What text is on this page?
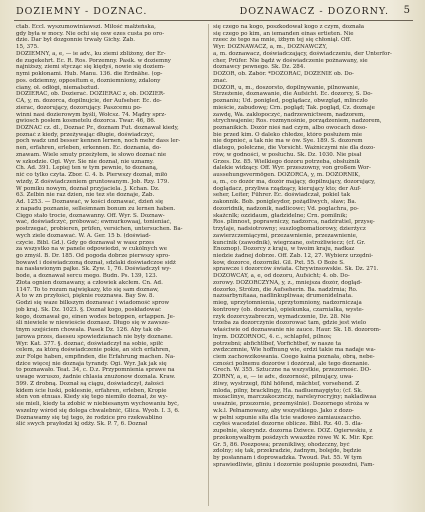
DOZIEMNY - DOZNAC.	DOZNAWACZ - DOZORNY. 5
ctab. Eccl. wyszumowiniawszi. Miłość małżeńska,
gdy była w mocy. Nie ochi się osw ezes custa po oro-
dzie. Dar był dozgonnie trwały Gichy. Zab.
15, 375.
DOZIEMNY, a, e, — ie adv., ku ziemi zbliżony, der Er-
de zugekehrt. Ec. R. Ros. Porzemny. Pasik. w doziemny
najniższy, ziemi stycząc się kiędyś, nowie się doziem-
nymi pokłonami. Hub. Manu. 136. die Erdnähe. (op-
pos. odziemny, oppositum e, dozniemniony, zdalony
ciany, oł. odłógi, niemalsztud.
DOZIERAC, ob. Dozierać. DOZIERAĆ z, ob. DOZIER-
CA, y, m. dozorca, dopilnujcie, der Aufseher. Ec. do-
zierac, dozorujący, dozorujący. Paszcemu po-
winni nasi dozierowym byśli, Wołcsz. 74. Mądry sprz-
gwiosch posłem kosmetelu dozorca. Twar. 46, 86.
DOZNAĆ cz. dl., Doznać Pr., doznam Fut. doznawał kiedy,
poznać z kiedy, przeżywając długie, doświadczyć,
poch wadz und besser kennen lernen, noch mehr dass ler-
nen, erfahren, erleben, erkennen. Ec. doznania, do-
znawam. Wiele smuty przeżyłem, ie słowo doznać nie
w szkodzie. Ogi. Wyr. Sie nie doznał, nie uznamy.
Ch. Ad. 391. Lepiej ten w tym pewnie, to doznaną,
nić co tylko czyta. Zbor. C. 4. b. Pierwszy doznał, miłó
wizdy, Z doświadczeniem gruntowanym. Job. Rzy. 179.
W pomiku nowym, doznał przyjaciela. J. Kchan. Dz.
63. Zelbin nie raz dzien, nie tez ste doznaje, Zab.
Ad. 1253. — Doznawać, w kości doznawać, dzień się
z napadu poznanie, selleśmnam bonum zu lernen haben.
Cięgo stało trocie, doznawanny. Off. Wyr. Ś. Doznaw-
wać, doświadczyć, próbować; ewmurkowaaj, tonieniać,
postrzegać, probieren, prüfen, versichen, untersuchen. Ba-
wych ziele doznawać. W. A. Ger. 15 b. (doświad-
czycie. Bibl. Gd.). Gdy go doznawał w wasz przes
za wszystko na w panele odpowiedzi, w cukólnych we
go zmyśl. B. Dr. 185. Od pogoda dobrze pierwszy spro-
bowawl i doświadczoną doznał, sdzlaki doświadczoe sidź
na nasławionym pajke. Sk. Zyw. 1, 76. Doświadczył wy-
bode, a doznawał sercu mego. Budn. Ps. 139, 123.
Złota ognien doznawany, a człowiek akcłem. Cn. Ad.
1147. To to rozum najwiękazy, kto się sam doznaw,
A to w zn przyłości, pięknie rozznawa. Bay Św. 8.
Godzi się waze bilkszym doznawać i wiadomość sprow
job kraj. Sk. Dz. 1023. §. Doznał kogo, poskładować
kogo, doznawał go, einen wodes betoppen, ertappen. Je-
śli niewiele w niewieście doznasz. Długo się w zawsze-
tnym szejściem chowała. Pasek Dz. 126. Aby tak ob-
jarowa przes, daeseu spowiedzianach nie były doznane.
Wyr. Kat. 377. §. doznać, doświadczył na sobie, spiłć
celem, za którą doświadczenie pokie, an sich erfahren,
zur Folge haben, empfinden, die Erfahrung machen. Na-
dzice więcej nie doznaja tyrandy. Ogi. Wyr. Jak jak się
to poznawało. Teat. 34, c. D.z. Przypomnienia sprawe na
uwage wzruszo, żadnie chlasia znużonow doznala. Kraw.
599. Z drobną. Doznał są ciągu, doświadczył, żałości
kidem ście łuski, poklesnie, erfahren, erleben, Kropie
sten von etnuas. Kiedy się tego niemiło doznał, że wy-
sie mieli, kiedy ta zdobić w niebiesanym wychowaniu być,
wszelny wśród się dolega chwalebnić, Glica. Wyob. I. 3, 6.
Doznawamy się tej tego, że rodzice pro rzekwablino
ślić swych prayłodzi kj odży. Sk. P. 7, 6. Doznał
się czego na kogo, poszkodował kogo z czym, doznała
się czego po kim, an iemanden einas ertieten. Nie
rzeec że tego na mnie, iżbym tej się chłoniął. Off.
Wyr. DOZNAWACZ, a, m., DOZNAWCZY,
a, m. doznawacz, doświadczający, doświadczeniu, der Unterfor-
cher, Prüfer. Nie bądź w doświadczenie pożnawany, sie
doznawcy pewnego. Sk. Dz. 284.
DOZÓR, ob. Zabór. *DOZORAC, DOZENIE ob. Do-
znać.
DOZÓR, u, m., doszorsto, dopilnywanie, pilnowanie,
Strzeżenie, doznawanie, die Aufsicht. Ec. dozorcy, S. Do-
poznaniu; Ud. ponigled, poglądacz, obwzgląd, mlinczło
mieście, zabudowę; Crn. pogląd; Tak. pogląd, Cz. doznaje
zawdę, Wa. zakłopoczyć, nadrzewnictwem, nadzorem,
strychwajenie; Ros. rozmynośnie, porządzeniem, nadzorem,
poznanikich. Dozór nieś nad czym, albo owocach doso-
bie przed kim. O daleko chłedze, któro posłużem mie
nie dopnieć, a tak nie ma w ów. Sye. 189. Ś. dozorem
dlatego, polełczne, die Vorsicht. Ważniczymi nie dla dozo-
rów, w godności, w posłuchu. Sk. Dz. 1030. Nie pisał
Grzes. Dz. 85. Wielkiego dozoru potrzeba, obsłużnik
dalekie widzący. Off. Wyr. przeszowny, von großem Wor-
aussehungsvermögen. DOZORCA, y, m. DOZORNIK,
a, m., co dozór ma, dozór mający, dopilnujący, dozorujący,
doglądacz, przyliwa rządzący, kierujący kto; der Auf-
seher, Leiter, Führer. Ec. doświadczał, pokiel tak
zakonnik. Bob. ponigleydor, pożądliwych, sław; Ba.
dozoridnik, nadzonik, nadlicowc; Vd. poglachra, po-
skażcnlk; ozzidaum, gładzidelne; Crn. pomilnik;
Ros. plinnost, poprawniczy, nadzorca, nadziratiel, przysę-
trzylaje, nadsiotrowny; suszlogbomatiorowy, dzierżycz
zawierzczemiącymi, przezawnienie, przezawnienie,
kuncinik (zawodnik), wiegrzane, ostrożliwiecz; (cf. Gr.
Enoznop). Dozorcy z kraju, w twoim kraju, nadkaz
niedzie żadnej dobrze. Off. Zab. 12, 27. Wybierz urzędni-
kow, dozorce, dozorniki. Gil. Pxt. 55. O Boże Ś.
sprawcze i dozorców świata. Chrywinsowskie. Sk. Dz. 271.
DOZOWCAY, a, e, od dozoru, Aufsicht; 4. ob. Do-
zorowy. DOZORCZYNA, y, z., mniejsza dozór, dogląd-
dozorko, Strólzn, die Aufseherin. Ba. nadzlrnia; Ro.
nazoarbynitaaa, nadlinkupliwaa; drumenidelnata.
mieg, uprzytomnienia, uprzytomniony, nadzorniczaja
kontrowy (ob. dozoria), opiekunka, czarnialka, wyste-
rzyk dozorcyzabreczn, wymadczenie, Dz. 28. Nie
trzeba za dozorczynie dozorować tam, gdzie jest wielo
właściwie od doznawanie nie zauce. Haur. Sk. 18. dozorom-
lnym. DOZORNOC, 4. c., schlapfel, pilnos;
potrzebni; abfichtlbef, Vorfichtbef, w nasze ta
zwdzczmnie, Wie hoffnung wie, erdzi takie ma nadaje wa-
ciem zachowzikowania. Coego kaina poznała, obrą, nebe-
czności polnemu dozorów i dozórzał, ale tego doznanie.
Grech. W. 355. Sztuczne na wszystkie, przezornośc. DO-
ZORNY, a, e, — ie adv., dozorność, pilnujący, uwa-
żliwy, wystrzegł, fühl höfend, mächtef, vorsehend. Z
mloda, pilny, bracklingy, Ha. nadluemaygiyto; (cf. Sk.
mszaclinye, marczakocznczy, nareleyrocryjny; nakladiwaa
uważnie, przezornie, przemyślnie). Dozornego stróża w
w.k.l. Pełnamowany, aby wszystkiego. Jako z dozo-
w pełni szpunie siła dla tcie wadowo zamiauszaccho.
czyłeś wacedziel dozorne oblicze. Bibl. Rz. 40. 5. dla-
zupełnie, skoryndz. dozorna Dziwce. DOZ. Ogierwskiu, z
przekonywałbym pośdzych wwazdże rówe W. K. Mir. Kpr.
Gr. 5, 86. Poezpowa; przenikliwy, ohodzczny, być
zdolny; się tak, przekradzie, żadnym, bolejde, będzie
by posłannam i doprowadzka. Twoud. Pat. 55. W tym
sprawiedliwie, gliniu i dozornie poślupnie poszedni, Fam-
